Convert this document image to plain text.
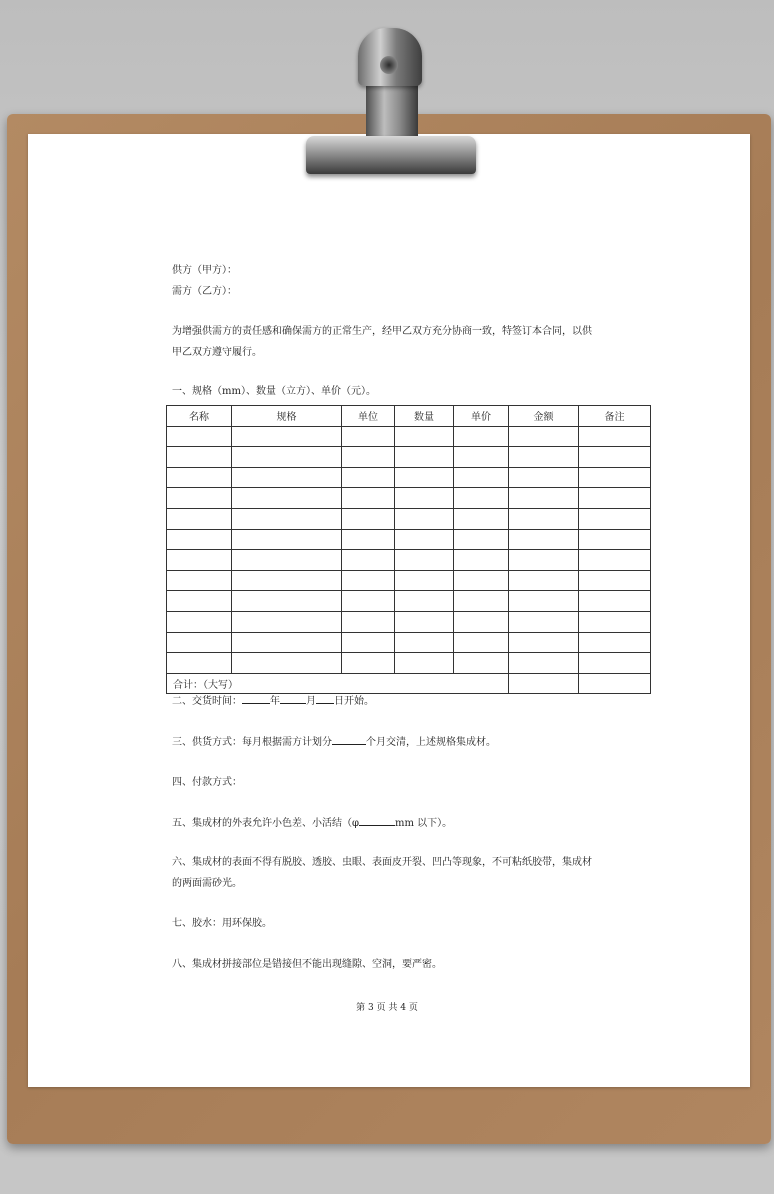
供方（甲方）：
需方（乙方）：
为增强供需方的责任感和确保需方的正常生产，经甲乙双方充分协商一致，特签订本合同，以供
甲乙双方遵守履行。
一、规格（mm）、数量（立方）、单价（元）。
名称	规格	单位	数量	单价	金额	备注

合计：（大写）						
二、交货时间：	年	月 日开始。
三、供货方式：每月根据需方计划分	个月交清，上述规格集成材。
四、付款方式：
五、集成材的外表允许小色差、小活结（φ	mm 以下）。
六、集成材的表面不得有脱胶、透胶、虫眼、表面皮开裂、凹凸等现象，不可粘纸胶带，集成材
的两面需砂光。
七、胶水：用环保胶。
八、集成材拼接部位是错接但不能出现缝隙、空洞，要严密。
第 3 页 共 4 页
